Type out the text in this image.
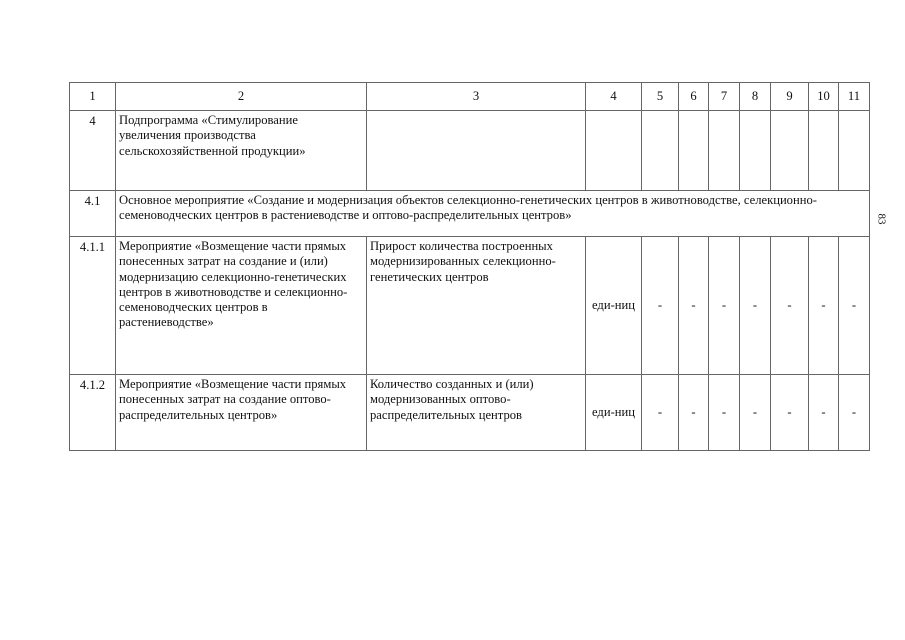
83
1	2	3	4	5	6	7	8	9	10	11
4	Подпрограмма «Стимулирование увеличения производства сельскохозяйственной продукции»									
4.1	Основное мероприятие «Создание и модернизация объектов селекционно-генетических центров в животноводстве, селекционно-семеноводческих центров в растениеводстве и оптово-распределительных центров»									
4.1.1	Мероприятие «Возмещение части прямых понесенных затрат на создание и (или) модернизацию селекционно-генетических центров в животноводстве и селекционно-семеноводческих центров в растениеводстве»	Прирост количества построенных модернизированных селекционно-генетических центров	еди-ниц	-	-	-	-	-	-	-
4.1.2	Мероприятие «Возмещение части прямых понесенных затрат на создание оптово-распределительных центров»	Количество созданных и (или) модернизованных оптово-распределительных центров	еди-ниц	-	-	-	-	-	-	-
